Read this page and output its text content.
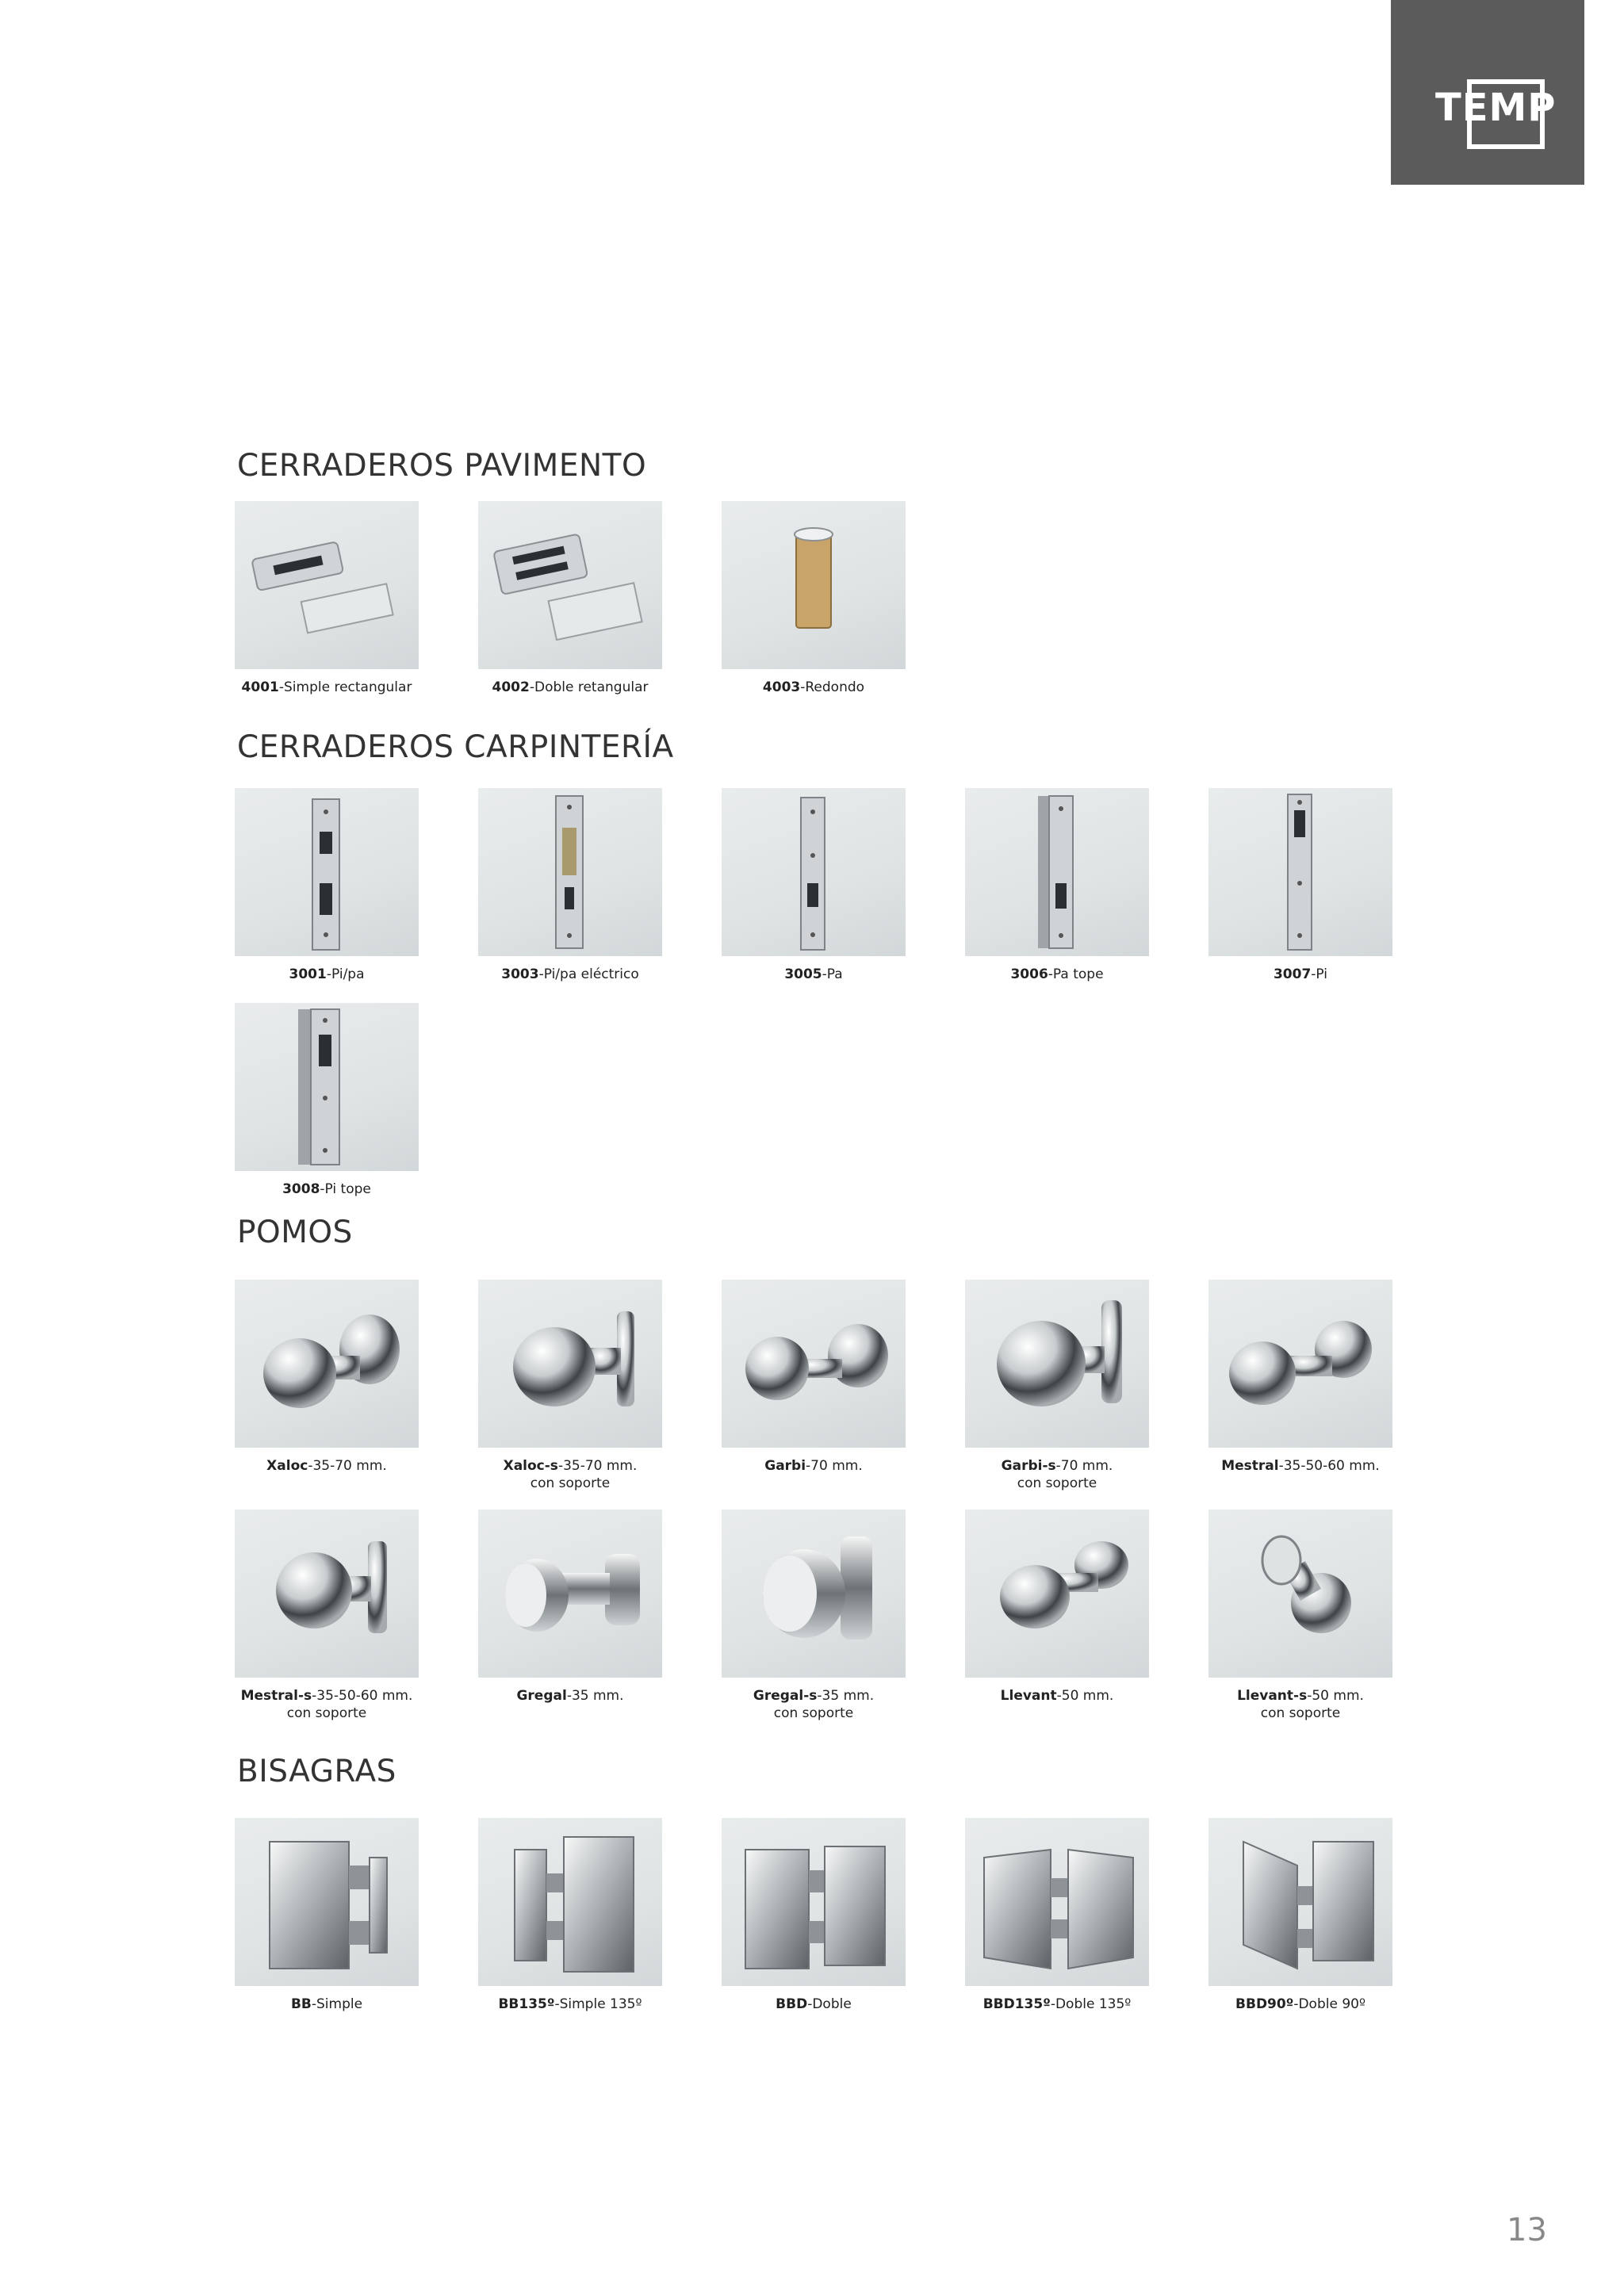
TEMP
CERRADEROS PAVIMENTO
CERRADEROS CARPINTERÍA
POMOS
BISAGRAS
4001-Simple rectangular	4002-Doble retangular	4003-Redondo
3001-Pi/pa	3003-Pi/pa eléctrico	3005-Pa	3006-Pa tope	3007-Pi
3008-Pi tope
Xaloc-35-70 mm.	Xaloc-s-35-70 mm.
con soporte
Garbi-70 mm.	Garbi-s-70 mm.
con soporte
Mestral-35-50-60 mm.
Mestral-s-35-50-60 mm.
con soporte
Gregal-35 mm.	Gregal-s-35 mm.
con soporte
Llevant-50 mm.	Llevant-s-50 mm.
con soporte
BB-Simple	BB135º-Simple 135º	BBD-Doble	BBD135º-Doble 135º	BBD90º-Doble 90º
13
